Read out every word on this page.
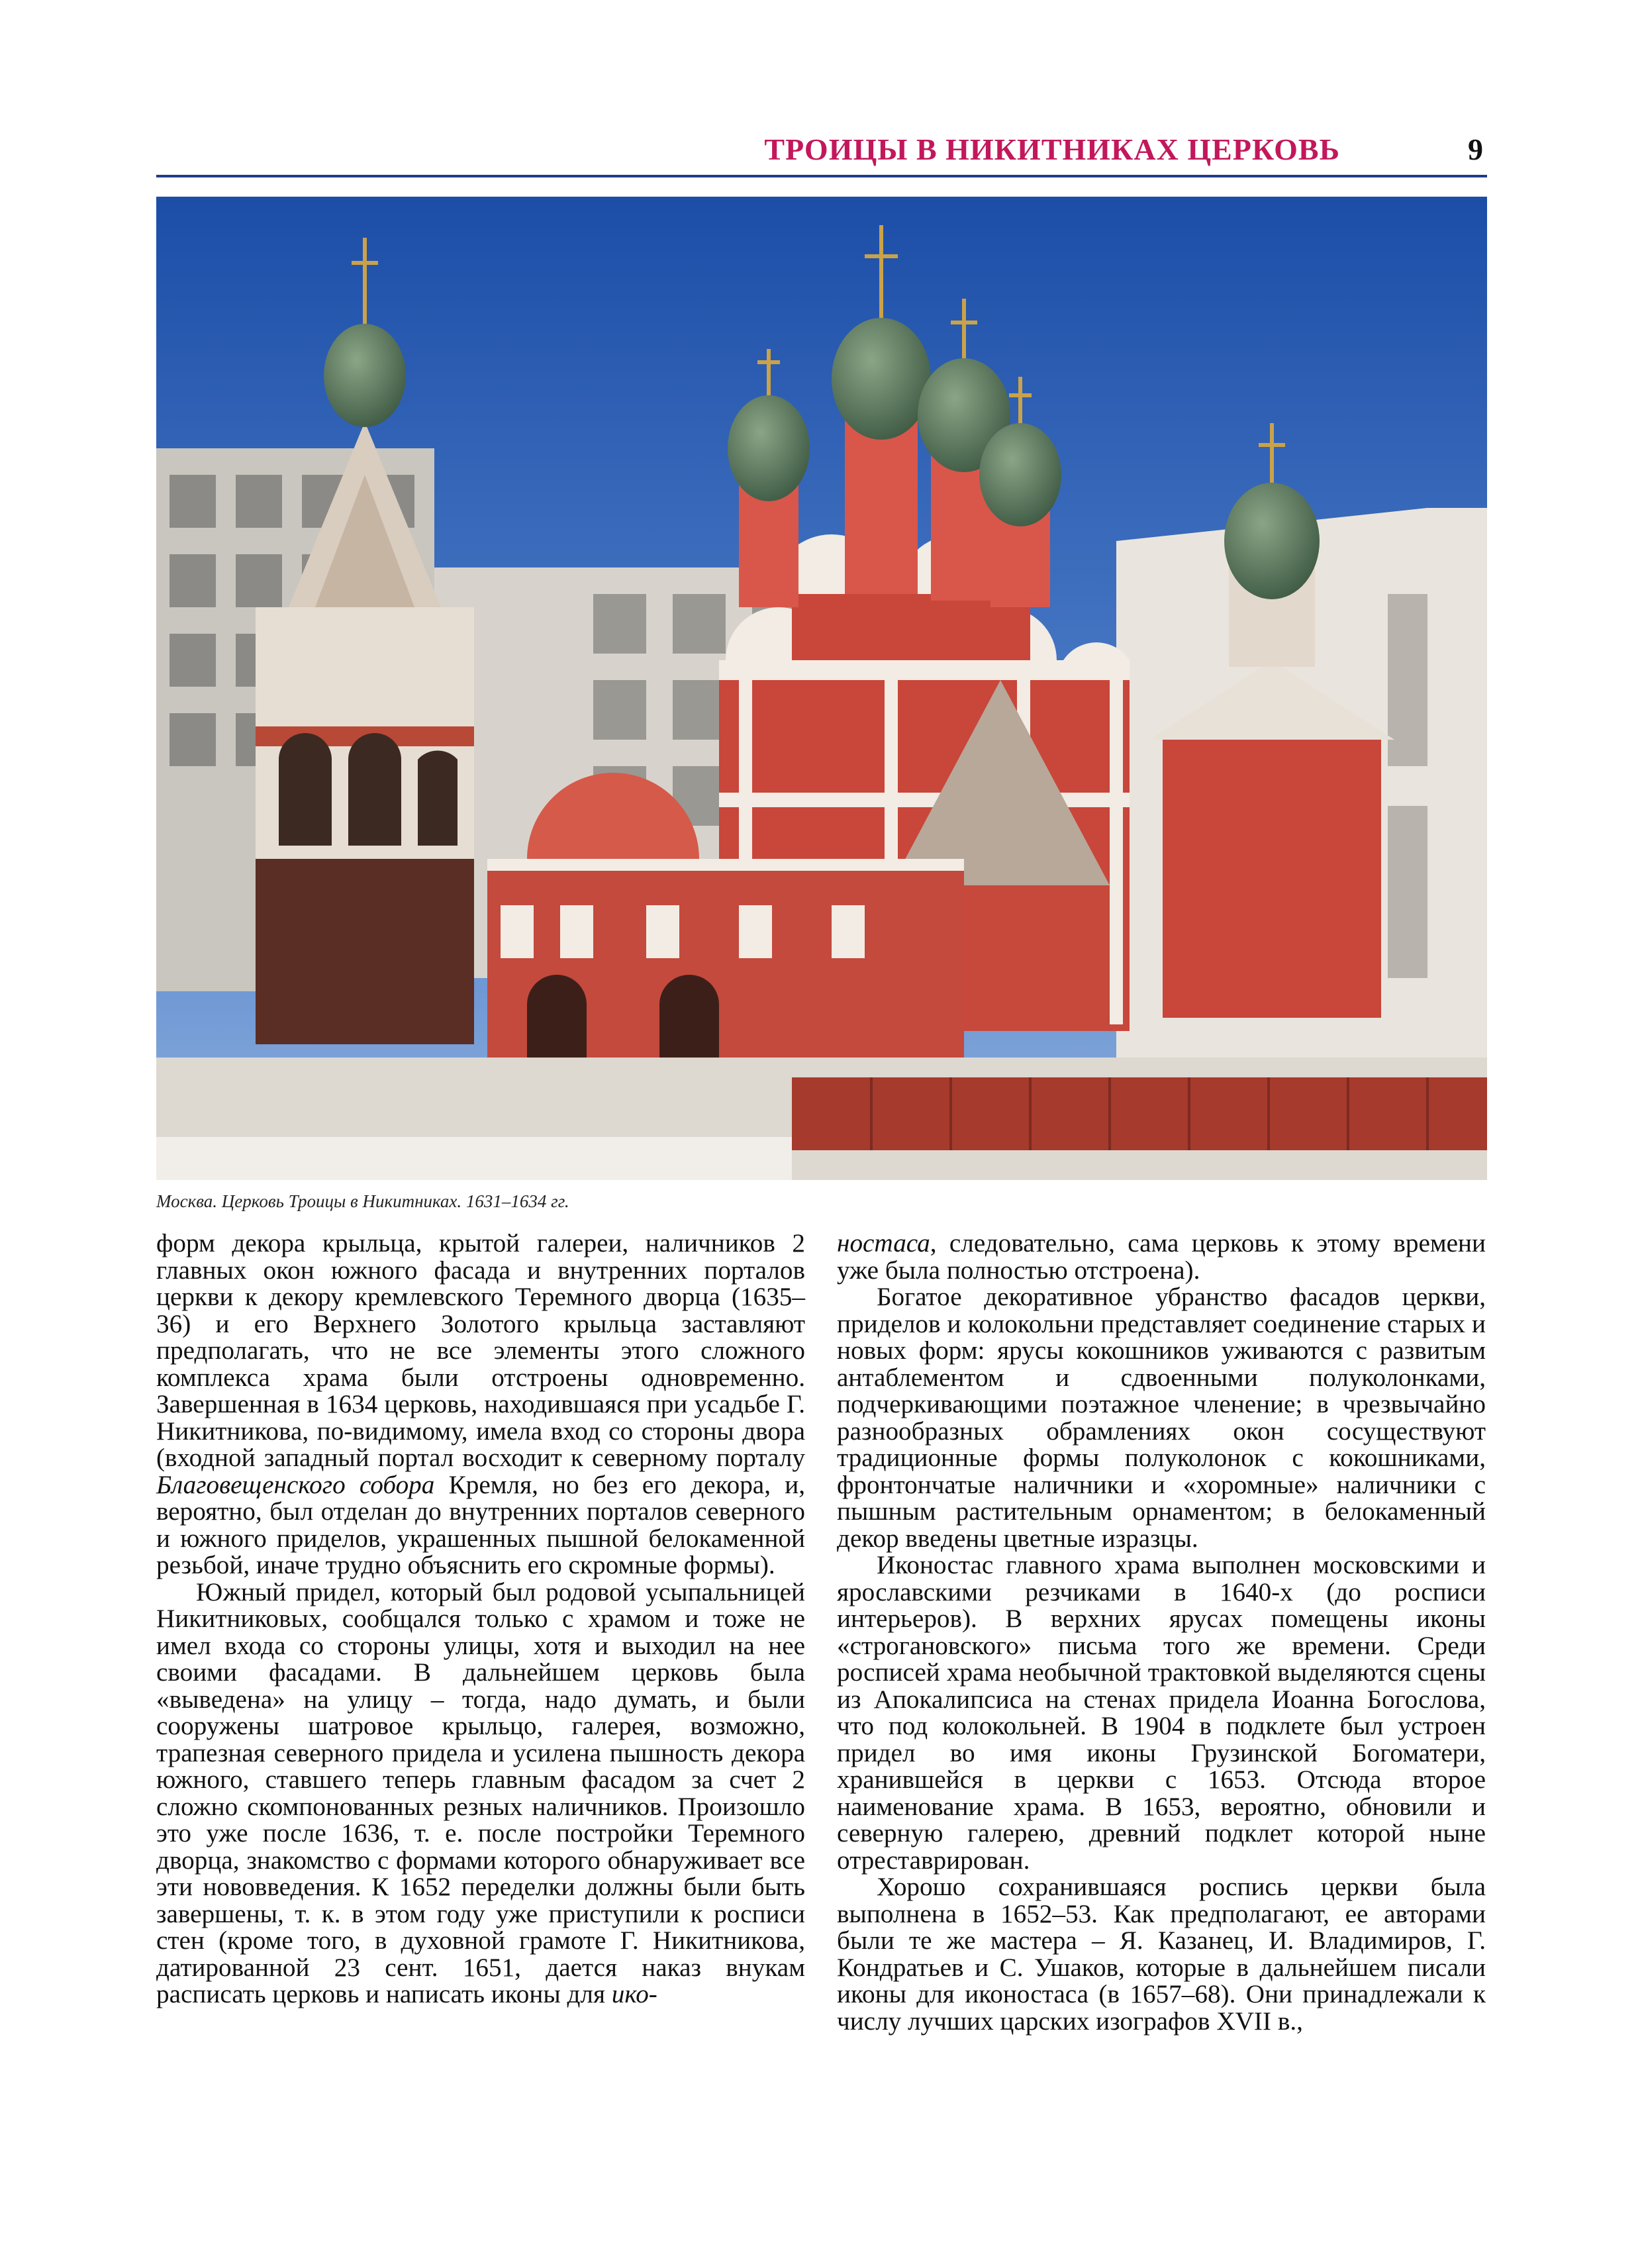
ТРОИЦЫ В НИКИТНИКАХ ЦЕРКОВЬ	9
Москва. Церковь Троицы в Никитниках. 1631–1634 гг.

форм декора крыльца, крытой галереи, наличников 2 главных окон южного фасада и внутренних порталов церкви к декору кремлевского Теремного дворца (1635–36) и его Верхнего Золотого крыльца заставляют предполагать, что не все элементы этого сложного комплекса храма были отстроены одновременно. Завершенная в 1634 церковь, находившаяся при усадьбе Г. Никитникова, по-видимому, имела вход со стороны двора (входной западный портал восходит к северному порталу Благовещенского собора Кремля, но без его декора, и, вероятно, был отделан до внутренних порталов северного и южного приделов, украшенных пышной белокаменной резьбой, иначе трудно объяснить его скромные формы).

Южный придел, который был родовой усыпальницей Никитниковых, сообщался только с храмом и тоже не имел входа со стороны улицы, хотя и выходил на нее своими фасадами. В дальнейшем церковь была «выведена» на улицу – тогда, надо думать, и были сооружены шатровое крыльцо, галерея, возможно, трапезная северного придела и усилена пышность декора южного, ставшего теперь главным фасадом за счет 2 сложно скомпонованных резных наличников. Произошло это уже после 1636, т. е. после постройки Теремного дворца, знакомство с формами которого обнаруживает все эти нововведения. К 1652 переделки должны были быть завершены, т. к. в этом году уже приступили к росписи стен (кроме того, в духовной грамоте Г. Никитникова, датированной 23 сент. 1651, дается наказ внукам расписать церковь и написать иконы для ико-

ностаса, следовательно, сама церковь к этому времени уже была полностью отстроена).

Богатое декоративное убранство фасадов церкви, приделов и колокольни представляет соединение старых и новых форм: ярусы кокошников уживаются с развитым антаблементом и сдвоенными полуколонками, подчеркивающими поэтажное членение; в чрезвычайно разнообразных обрамлениях окон сосуществуют традиционные формы полуколонок с кокошниками, фронтончатые наличники и «хоромные» наличники с пышным растительным орнаментом; в белокаменный декор введены цветные изразцы.

Иконостас главного храма выполнен московскими и ярославскими резчиками в 1640-х (до росписи интерьеров). В верхних ярусах помещены иконы «строгановского» письма того же времени. Среди росписей храма необычной трактовкой выделяются сцены из Апокалипсиса на стенах придела Иоанна Богослова, что под колокольней. В 1904 в подклете был устроен придел во имя иконы Грузинской Богоматери, хранившейся в церкви с 1653. Отсюда второе наименование храма. В 1653, вероятно, обновили и северную галерею, древний подклет которой ныне отреставрирован.

Хорошо сохранившаяся роспись церкви была выполнена в 1652–53. Как предполагают, ее авторами были те же мастера – Я. Казанец, И. Владимиров, Г. Кондратьев и С. Ушаков, которые в дальнейшем писали иконы для иконостаса (в 1657–68). Они принадлежали к числу лучших царских изографов XVII в.,
